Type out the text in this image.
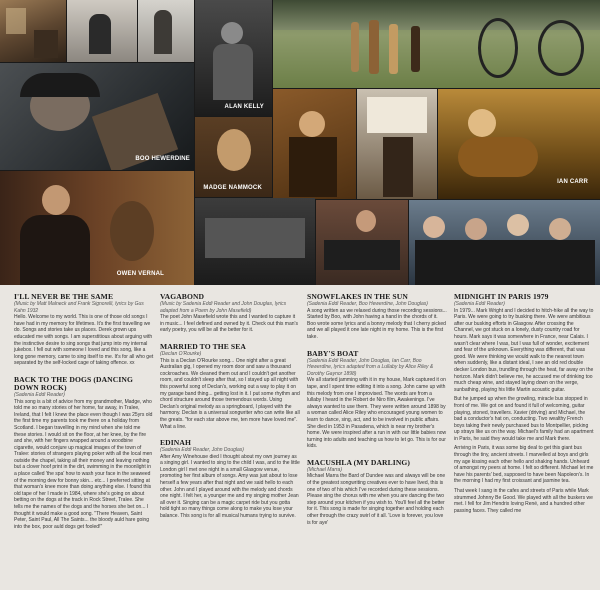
ALAN KELLY
BOO HEWERDINE
MADGE NAMMOCK
IAN CARR
OWEN VERNAL
I'LL NEVER BE THE SAME

(Music by Matt Malneck and Frank Signorelli, lyrics by Gus Kahn 1932

Hello. Welcome to my world. This is one of those old songs I have had in my memory for lifetimes. It's the first travelling we do. Songs and stories take us places. Derek grown ups educated me with songs. I am superstitious about arguing with the instinctive desire to sing songs that jump into my internal jukebox. I fell out with someone I loved and this song, like a long gone memory, came to sing itself to me. It's for all who get separated by the self-locked cage of taking offence. xx

BACK TO THE DOGS (DANCING DOWN ROCK)

(Sadenia Eddi Reader)

This song is a bit of advice from my grandmother, Madge, who told me so many stories of her home, far away, in Tralee, Ireland, that I felt I knew the place even though I was 25yrs old the first time my parents took me there on a holiday from Scotland. I began travelling in my mind when she told me these stories. I would sit on the floor, at her knee, by the fire and she, with her fingers wrapped around a woodbine cigarette, would conjure up magical images of the town of Tralee: stories of strangers playing poker with all the local men outside the chapel, taking all their money and leaving nothing but a clover hoof print in the dirt, swimming in the moonlight in a place called 'the spa' how to wash your face in the seaweed of the morning dew for bonny skin... etc... I preferred sitting at that woman's knee more than doing anything else. I found this old tape of her I made in 1984, where she's going on about betting on the dogs at the track in Rock Street, Tralee. She tells me the names of the dogs and the horses she bet on... I thought it would make a good song. "There Heaven, Saint Peter, Saint Paul, All The Saints... the bloody auld hare going into the box, poor auld dogs get fooled!"

VAGABOND

(Music by Sadenia Eddi Reader and John Douglas, lyrics adapted from a Poem by John Masefield)

The poet John Masefield wrote this and I wanted to capture it in music... I feel defined and owned by it. Check out this man's early poetry, you will be all the better for it.

MARRIED TO THE SEA

(Declan O'Rourke)

This is a Declan O'Rourke song... One night after a great Australian gig, I opened my room door and saw a thousand cockroaches. We cleaned them out and I couldn't get another room, and couldn't sleep after that, so I stayed up all night with this powerful song of Declan's, working out a way to play it on my garage band thing... getting lost in it. I put some rhythm and chord structure around those tremendous words. Using Declan's original melody as a springboard, I played with the harmony. Declan is a universal songwriter who can write like all the greats. "for each star above me, ten more have loved me". What a line.

EDINAH

(Sadenia Eddi Reader, John Douglas)

After Amy Winehouse died I thought about my own journey as a singing girl. I wanted to sing to the child I was, and to the little London girl I met one night in a small Glasgow venue, promoting her first album of songs. Amy was just about to lose herself a few years after that night and we said hello to each other. John and I played around with the melody and chords one night. I felt her, a younger me and my singing mother Jean all over it. Singing can be a magic carpet ride but you gotta hold tight so many things come along to make you lose your balance. This song is for all musical humans trying to survive.

SNOWFLAKES IN THE SUN

(Sadenia Eddi Reader, Boo Hewerdine, John Douglas)

A song written as we relaxed during those recording sessions... Started by Boo, with John having a hand in the chords of it. Boo wrote some lyrics and a bonny melody that I cherry picked and we all played it one late night in my home. This is the first take.

BABY'S BOAT

(Sadenia Eddi Reader, John Douglas, Ian Carr, Boo Hewerdine, lyrics adapted from a Lullaby by Alice Riley & Dorothy Gaynor 1898)

We all started jamming with it in my house, Mark captured it on tape, and I spent time editing it into a song. John came up with this melody from one I improvised. The words are from a lullaby I heard in the Robert de Niro film, Awakenings. I've always wanted to use them. They were written around 1898 by a woman called Alice Riley who encouraged young women to learn to dance, sing, act, and to be involved in public affairs. She died in 1953 in Pasadena, which is near my brother's home. We were inspired after a run in with our little babies now turning into adults and teaching us how to let go. This is for our kids.

MACUSHLA (MY DARLING)

(Michael Marra)

Michael Marra the Bard of Dundee was and always will be one of the greatest songwriting creatives ever to have lived, this is one of two of his which I've recorded during these sessions. Please sing the chorus with me when you are dancing the two step around your kitchen if you wish to. You'll feel all the better for it. This song is made for singing together and holding each other through the crazy swirl of it all. 'Love is forever, you love is for aye'

MIDNIGHT IN PARIS 1979

(Sadenia Eddi Reader)

In 1979... Mark Wright and I decided to hitch-hike all the way to Paris. We were going to try busking there. We were ambitious after our busking efforts in Glasgow. After crossing the Channel, we got stuck on a lonely, dusty country road for hours. Mark says it was somewhere in France, near Calais. I wasn't clear where I was, but I was full of wonder, excitement and fear of the unknown. Everything was different, that was good. We were thinking we would walk to the nearest town when suddenly, like a distant ideal, I see an old red double decker London bus, trundling through the heat, far away on the horizon. Mark didn't believe me, he accused me of drinking too much cheap wine, and stayed laying down on the verge, sunbathing, playing his little Martin acoustic guitar.

But he jumped up when the growling, miracle bus stopped in front of me. We got on and found it full of welcoming, guitar playing, stoned, travellers. Xavier (driving) and Michael, the bad a conductor's hat on, conducting. Two wealthy French boys taking their newly purchased bus to Montpellier, picking up strays like us on the way. Michael's family had an apartment in Paris, he said they would take me and Mark there.

Arriving in Paris, it was some big deal to get this giant bus through the tiny, ancient streets. I marvelled at boys and girls my age kissing each other hello and shaking hands. Unheard of amongst my peers at home. I felt so different. Michael let me have his parents' bed, supposed to have been Napoleon's. In the morning I had my first croissant and jasmine tea.

That week I sang in the cafes and streets of Paris while Mark strummed Johnny Be Good. We played with all the buskers we met. I fell for Jim Hendrix loving René, and a hundred other passing faces. They called me
